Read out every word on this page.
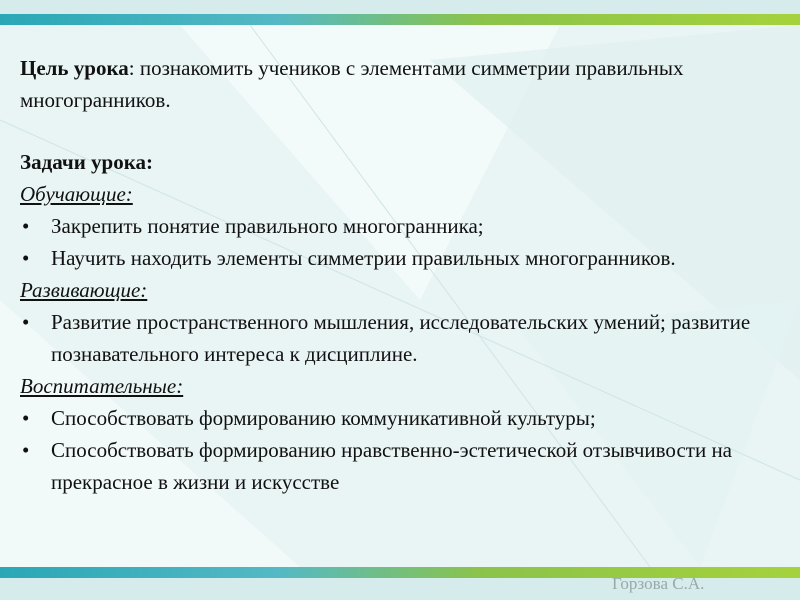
Цель урока: познакомить учеников с элементами симметрии правильных многогранников.

Задачи урока:

Обучающие:
• Закрепить понятие правильного многогранника;
• Научить находить элементы симметрии правильных многогранников.
Развивающие:
• Развитие пространственного мышления, исследовательских умений; развитие познавательного интереса к дисциплине.
Воспитательные:
• Способствовать формированию коммуникативной культуры;
• Способствовать формированию нравственно-эстетической отзывчивости на прекрасное в жизни и искусстве
Горзова С.А.
